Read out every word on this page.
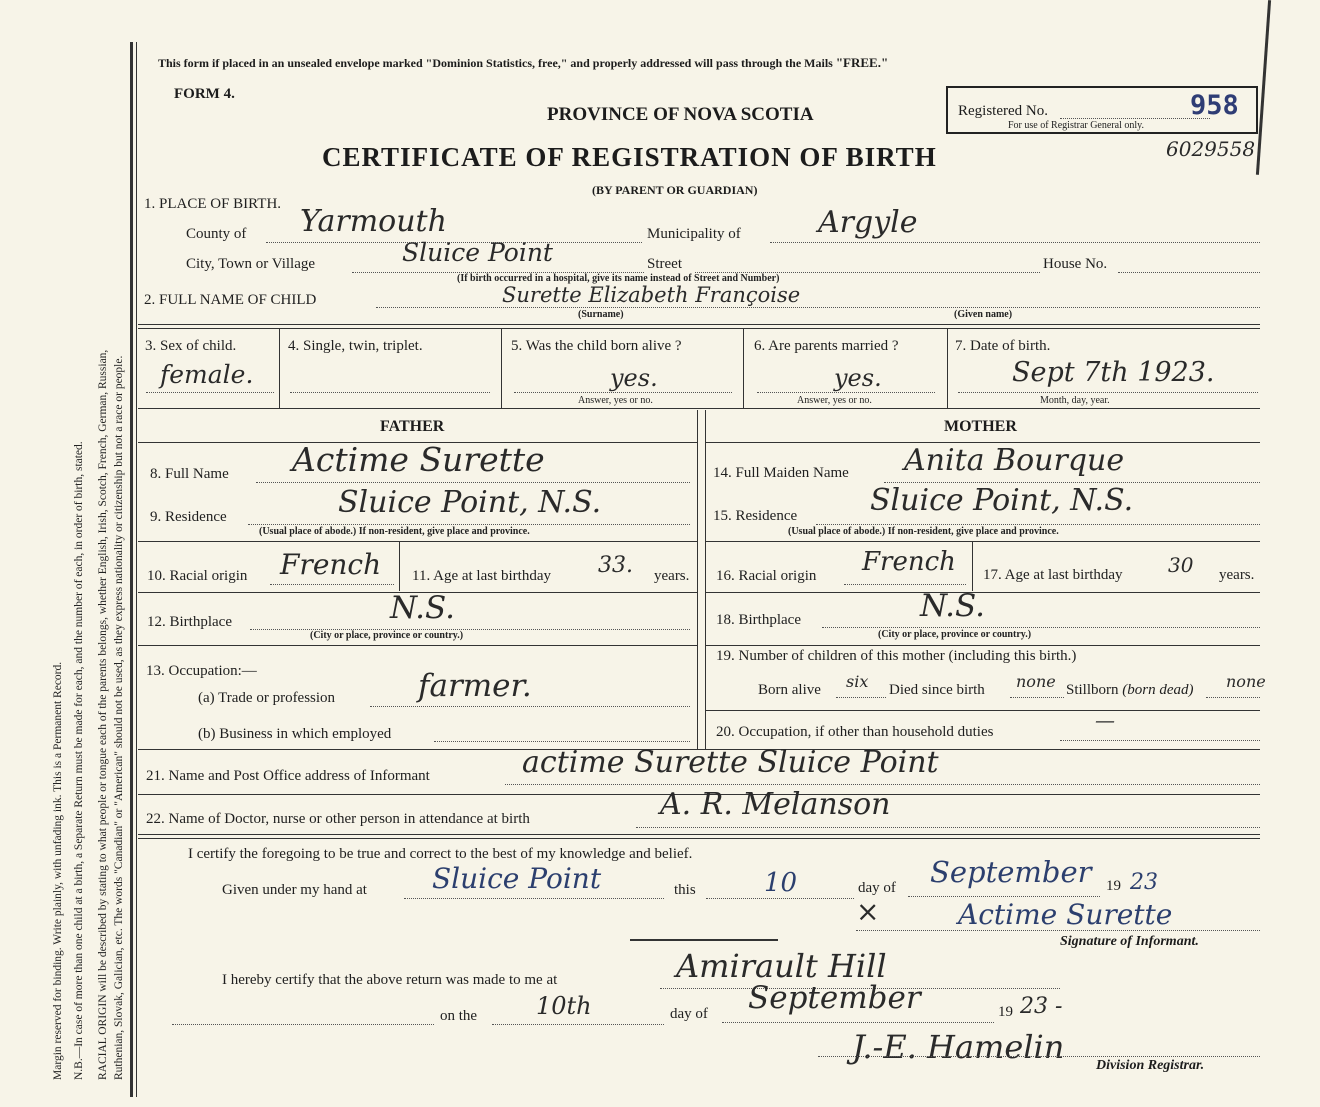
Margin reserved for binding. Write plainly, with unfading ink. This is a Permanent Record. N.B.—In case of more than one child at a birth, a Separate Return must be made for each, and the number of each, in order of birth, stated. RACIAL ORIGIN will be described by stating to what people or tongue each of the parents belongs, whether English, Irish, Scotch, French, German, Russian, Ruthenian, Slovak, Galician, etc. The words "Canadian" or "American" should not be used, as they express nationality or citizenship but not a race or people.
This form if placed in an unsealed envelope marked "Dominion Statistics, free," and properly addressed will pass through the Mails "FREE."
FORM 4.
PROVINCE OF NOVA SCOTIA
CERTIFICATE OF REGISTRATION OF BIRTH
(BY PARENT OR GUARDIAN)
Registered No.	958
For use of Registrar General only.
6029558
1. PLACE OF BIRTH.
County of Yarmouth	Municipality of	Argyle
City, Town or Village	Sluice Point	Street	House No.
(If birth occurred in a hospital, give its name instead of Street and Number)
2. FULL NAME OF CHILD	Surette Elizabeth Françoise
(Surname)	(Given name)
3. Sex of child.
female.
4. Single, twin, triplet.	5. Was the child born alive ?
yes.
Answer, yes or no.
6. Are parents married ?
yes.
Answer, yes or no.
7. Date of birth.
Sept 7th 1923.
Month, day, year.
FATHER	MOTHER
8. Full Name Actime Surette	14. Full Maiden Name Anita Bourque
9. Residence	Sluice Point, N.S.
(Usual place of abode.) If non-resident, give place and province.
15. Residence Sluice Point, N.S.
(Usual place of abode.) If non-resident, give place and province.
10. Racial origin French 11. Age at last birthday 33. years. 16. Racial origin French 17. Age at last birthday 30 years.
12. Birthplace	N.S.
(City or place, province or country.)
18. Birthplace	N.S.
(City or place, province or country.)
13. Occupation:—
(a) Trade or profession	farmer.
(b) Business in which employed
19. Number of children of this mother (including this birth.)
Born alive six Died since birth none Stillborn (born dead) none
20. Occupation, if other than household duties	—
21. Name and Post Office address of Informant	actime Surette Sluice Point
22. Name of Doctor, nurse or other person in attendance at birth	A. R. Melanson
I certify the foregoing to be true and correct to the best of my knowledge and belief.
Given under my hand at Sluice Point	this	10	day of September 19 23
×	Actime Surette
Signature of Informant.
I hereby certify that the above return was made to me at	Amirault Hill
on the 10th	day of September	19 23 -
J.-E. Hamelin Division Registrar.
